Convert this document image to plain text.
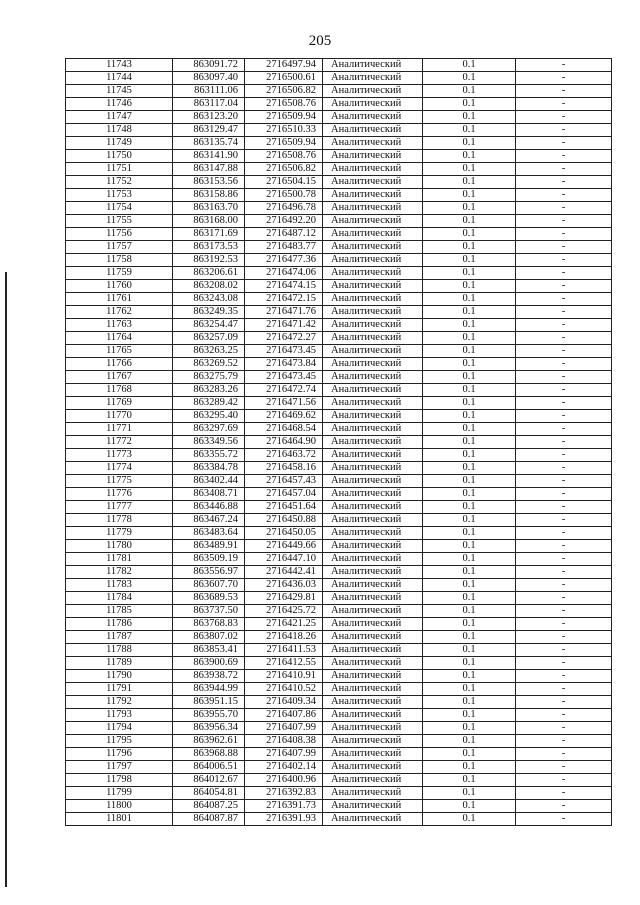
205
11743	863091.72	2716497.94	Аналитический	0.1	-
11744	863097.40	2716500.61	Аналитический	0.1	-
11745	863111.06	2716506.82	Аналитический	0.1	-
11746	863117.04	2716508.76	Аналитический	0.1	-
11747	863123.20	2716509.94	Аналитический	0.1	-
11748	863129.47	2716510.33	Аналитический	0.1	-
11749	863135.74	2716509.94	Аналитический	0.1	-
11750	863141.90	2716508.76	Аналитический	0.1	-
11751	863147.88	2716506.82	Аналитический	0.1	-
11752	863153.56	2716504.15	Аналитический	0.1	-
11753	863158.86	2716500.78	Аналитический	0.1	-
11754	863163.70	2716496.78	Аналитический	0.1	-
11755	863168.00	2716492.20	Аналитический	0.1	-
11756	863171.69	2716487.12	Аналитический	0.1	-
11757	863173.53	2716483.77	Аналитический	0.1	-
11758	863192.53	2716477.36	Аналитический	0.1	-
11759	863206.61	2716474.06	Аналитический	0.1	-
11760	863208.02	2716474.15	Аналитический	0.1	-
11761	863243.08	2716472.15	Аналитический	0.1	-
11762	863249.35	2716471.76	Аналитический	0.1	-
11763	863254.47	2716471.42	Аналитический	0.1	-
11764	863257.09	2716472.27	Аналитический	0.1	-
11765	863263.25	2716473.45	Аналитический	0.1	-
11766	863269.52	2716473.84	Аналитический	0.1	-
11767	863275.79	2716473.45	Аналитический	0.1	-
11768	863283.26	2716472.74	Аналитический	0.1	-
11769	863289.42	2716471.56	Аналитический	0.1	-
11770	863295.40	2716469.62	Аналитический	0.1	-
11771	863297.69	2716468.54	Аналитический	0.1	-
11772	863349.56	2716464.90	Аналитический	0.1	-
11773	863355.72	2716463.72	Аналитический	0.1	-
11774	863384.78	2716458.16	Аналитический	0.1	-
11775	863402.44	2716457.43	Аналитический	0.1	-
11776	863408.71	2716457.04	Аналитический	0.1	-
11777	863446.88	2716451.64	Аналитический	0.1	-
11778	863467.24	2716450.88	Аналитический	0.1	-
11779	863483.64	2716450.05	Аналитический	0.1	-
11780	863489.91	2716449.66	Аналитический	0.1	-
11781	863509.19	2716447.10	Аналитический	0.1	-
11782	863556.97	2716442.41	Аналитический	0.1	-
11783	863607.70	2716436.03	Аналитический	0.1	-
11784	863689.53	2716429.81	Аналитический	0.1	-
11785	863737.50	2716425.72	Аналитический	0.1	-
11786	863768.83	2716421.25	Аналитический	0.1	-
11787	863807.02	2716418.26	Аналитический	0.1	-
11788	863853.41	2716411.53	Аналитический	0.1	-
11789	863900.69	2716412.55	Аналитический	0.1	-
11790	863938.72	2716410.91	Аналитический	0.1	-
11791	863944.99	2716410.52	Аналитический	0.1	-
11792	863951.15	2716409.34	Аналитический	0.1	-
11793	863955.70	2716407.86	Аналитический	0.1	-
11794	863956.34	2716407.99	Аналитический	0.1	-
11795	863962.61	2716408.38	Аналитический	0.1	-
11796	863968.88	2716407.99	Аналитический	0.1	-
11797	864006.51	2716402.14	Аналитический	0.1	-
11798	864012.67	2716400.96	Аналитический	0.1	-
11799	864054.81	2716392.83	Аналитический	0.1	-
11800	864087.25	2716391.73	Аналитический	0.1	-
11801	864087.87	2716391.93	Аналитический	0.1	-
